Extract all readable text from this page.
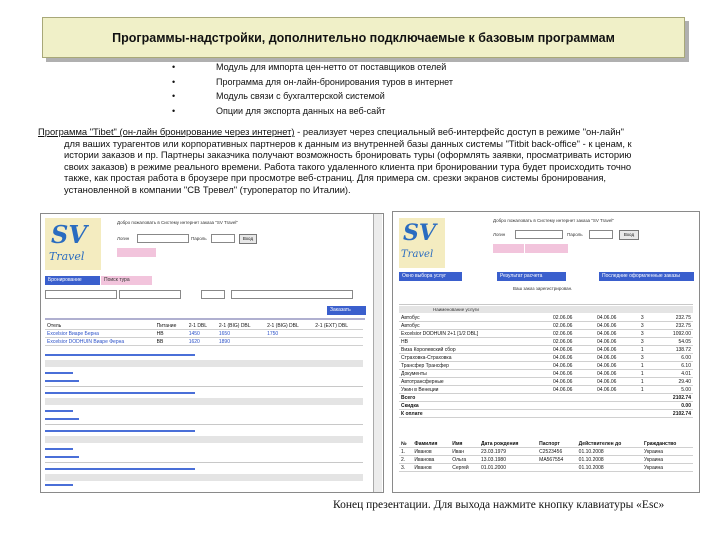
Программы-надстройки, дополнительно подключаемые к базовым программам
•	Модуль для импорта цен-нетто от поставщиков отелей
•	Программа для он-лайн-бронирования туров в интернет
•	Модуль связи с бухгалтерской системой
•	Опции для экспорта данных на веб-сайт
Программа "Tibet" (он-лайн бронирование через интернет) - реализует через специальный веб-интерфейс доступ в режиме "он-лайн"
для ваших турагентов или корпоративных партнеров к данным из внутренней базы данных системы "Titbit back-office" - к ценам, к
истории заказов и пр. Партнеры заказчика получают возможность бронировать туры (оформлять заявки, просматривать историю
своих заказов) в режиме реального времени. Работа такого удаленного клиента при бронировании тура будет происходить точно
также, как простая работа в броузере при просмотре веб-страниц. Для примера см. срезки экранов системы бронирования,
установленной в компании "СВ Тревел" (туроператор по Италии).
SV
Travel
Добро пожаловать в Систему интернет заказа "SV Travel"
Логин	Пароль	Вход
Бронирование	Поиск тура
Заказать
Отель	Питание	2-1 DBL	2-1 (BIG) DBL	2-1 (BIG) DBL	2-1 (EXT) DBL
Excelsior Виаре Берна	HB	1450	1650	1750	
Excelsior DODHUIN Виаре Ферна	BB	1620	1890		
SV
Travel
Добро пожаловать в Систему интернет заказа "SV Travel"
Логин	Пароль	Вход
Окно выбора услуг	Результат расчета	Последние оформленные заказы
Ваш заказ зарегистрирован.
Наименование услуги
Автобус	02.06.06	04.06.06	3	232.75
Автобус	02.06.06	04.06.06	3	232.75
Excelsior DODHUIN 2+1 [1/2 DBL]	02.06.06	04.06.06	3	1092.00
HB	02.06.06	04.06.06	3	54.05
Виза Королевский сбор	04.06.06	04.06.06	1	138.72
Страховка-Страховка	04.06.06	04.06.06	3	6.00
Трансфер Трансфер	04.06.06	04.06.06	1	6.10
Документы	04.06.06	04.06.06	1	4.01
Автотрансферные	04.06.06	04.06.06	1	29.40
Ужин в Венеции	04.06.06	04.06.06	1	5.00
Всего				2102.74
Скидка				0.00
К оплате				2102.74
№	Фамилия	Имя	Дата рождения	Паспорт	Действителен до	Гражданство
1.	Иванов	Иван	23.03.1979	C2523456	01.10.2008	Украина
2.	Иванова	Ольга	13.03.1980	MA567554	01.10.2008	Украина
3.	Иванов	Сергей	01.01.2000		01.10.2008	Украина
Конец презентации. Для выхода нажмите кнопку клавиатуры «Esc»
